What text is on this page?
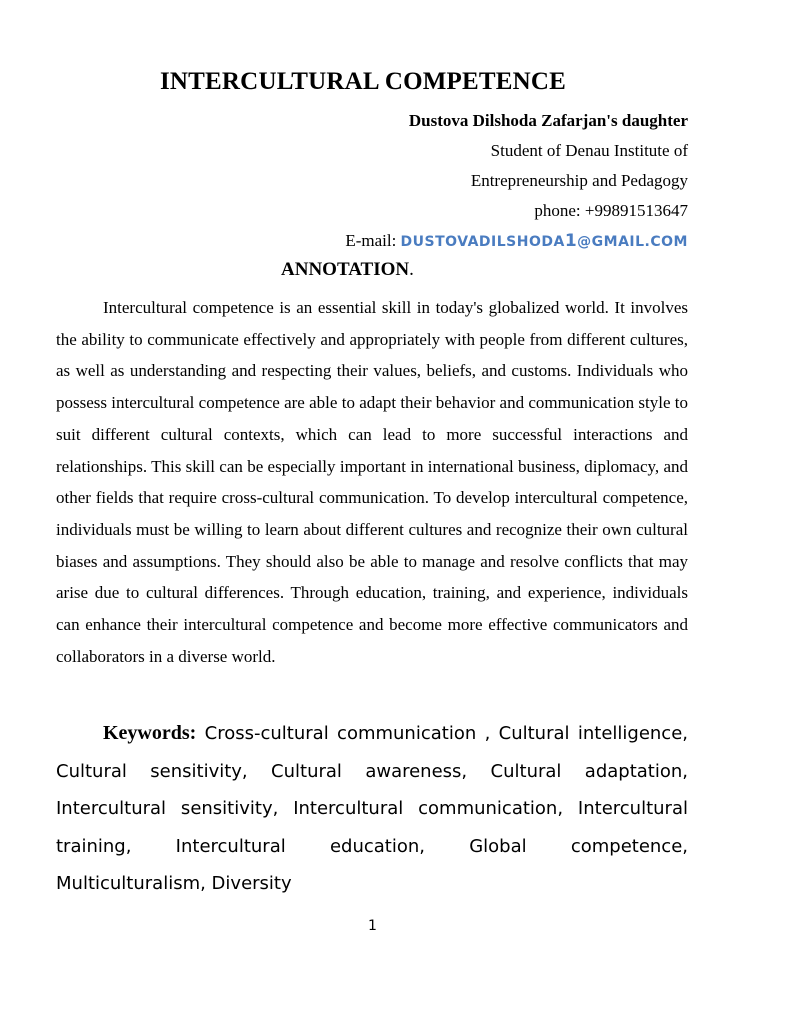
INTERCULTURAL COMPETENCE
Dustova Dilshoda Zafarjan's daughter
Student of Denau Institute of
Entrepreneurship and Pedagogy
phone: +99891513647
E-mail: DUSTOVADILSHODA1@GMAIL.COM
ANNOTATION.

Intercultural competence is an essential skill in today's globalized world. It involves the ability to communicate effectively and appropriately with people from different cultures, as well as understanding and respecting their values, beliefs, and customs. Individuals who possess intercultural competence are able to adapt their behavior and communication style to suit different cultural contexts, which can lead to more successful interactions and relationships. This skill can be especially important in international business, diplomacy, and other fields that require cross-cultural communication. To develop intercultural competence, individuals must be willing to learn about different cultures and recognize their own cultural biases and assumptions. They should also be able to manage and resolve conflicts that may arise due to cultural differences. Through education, training, and experience, individuals can enhance their intercultural competence and become more effective communicators and collaborators in a diverse world.

Keywords: Cross-cultural communication , Cultural intelligence, Cultural sensitivity, Cultural awareness, Cultural adaptation, Intercultural sensitivity, Intercultural communication, Intercultural training, Intercultural education, Global competence, Multiculturalism, Diversity

1
